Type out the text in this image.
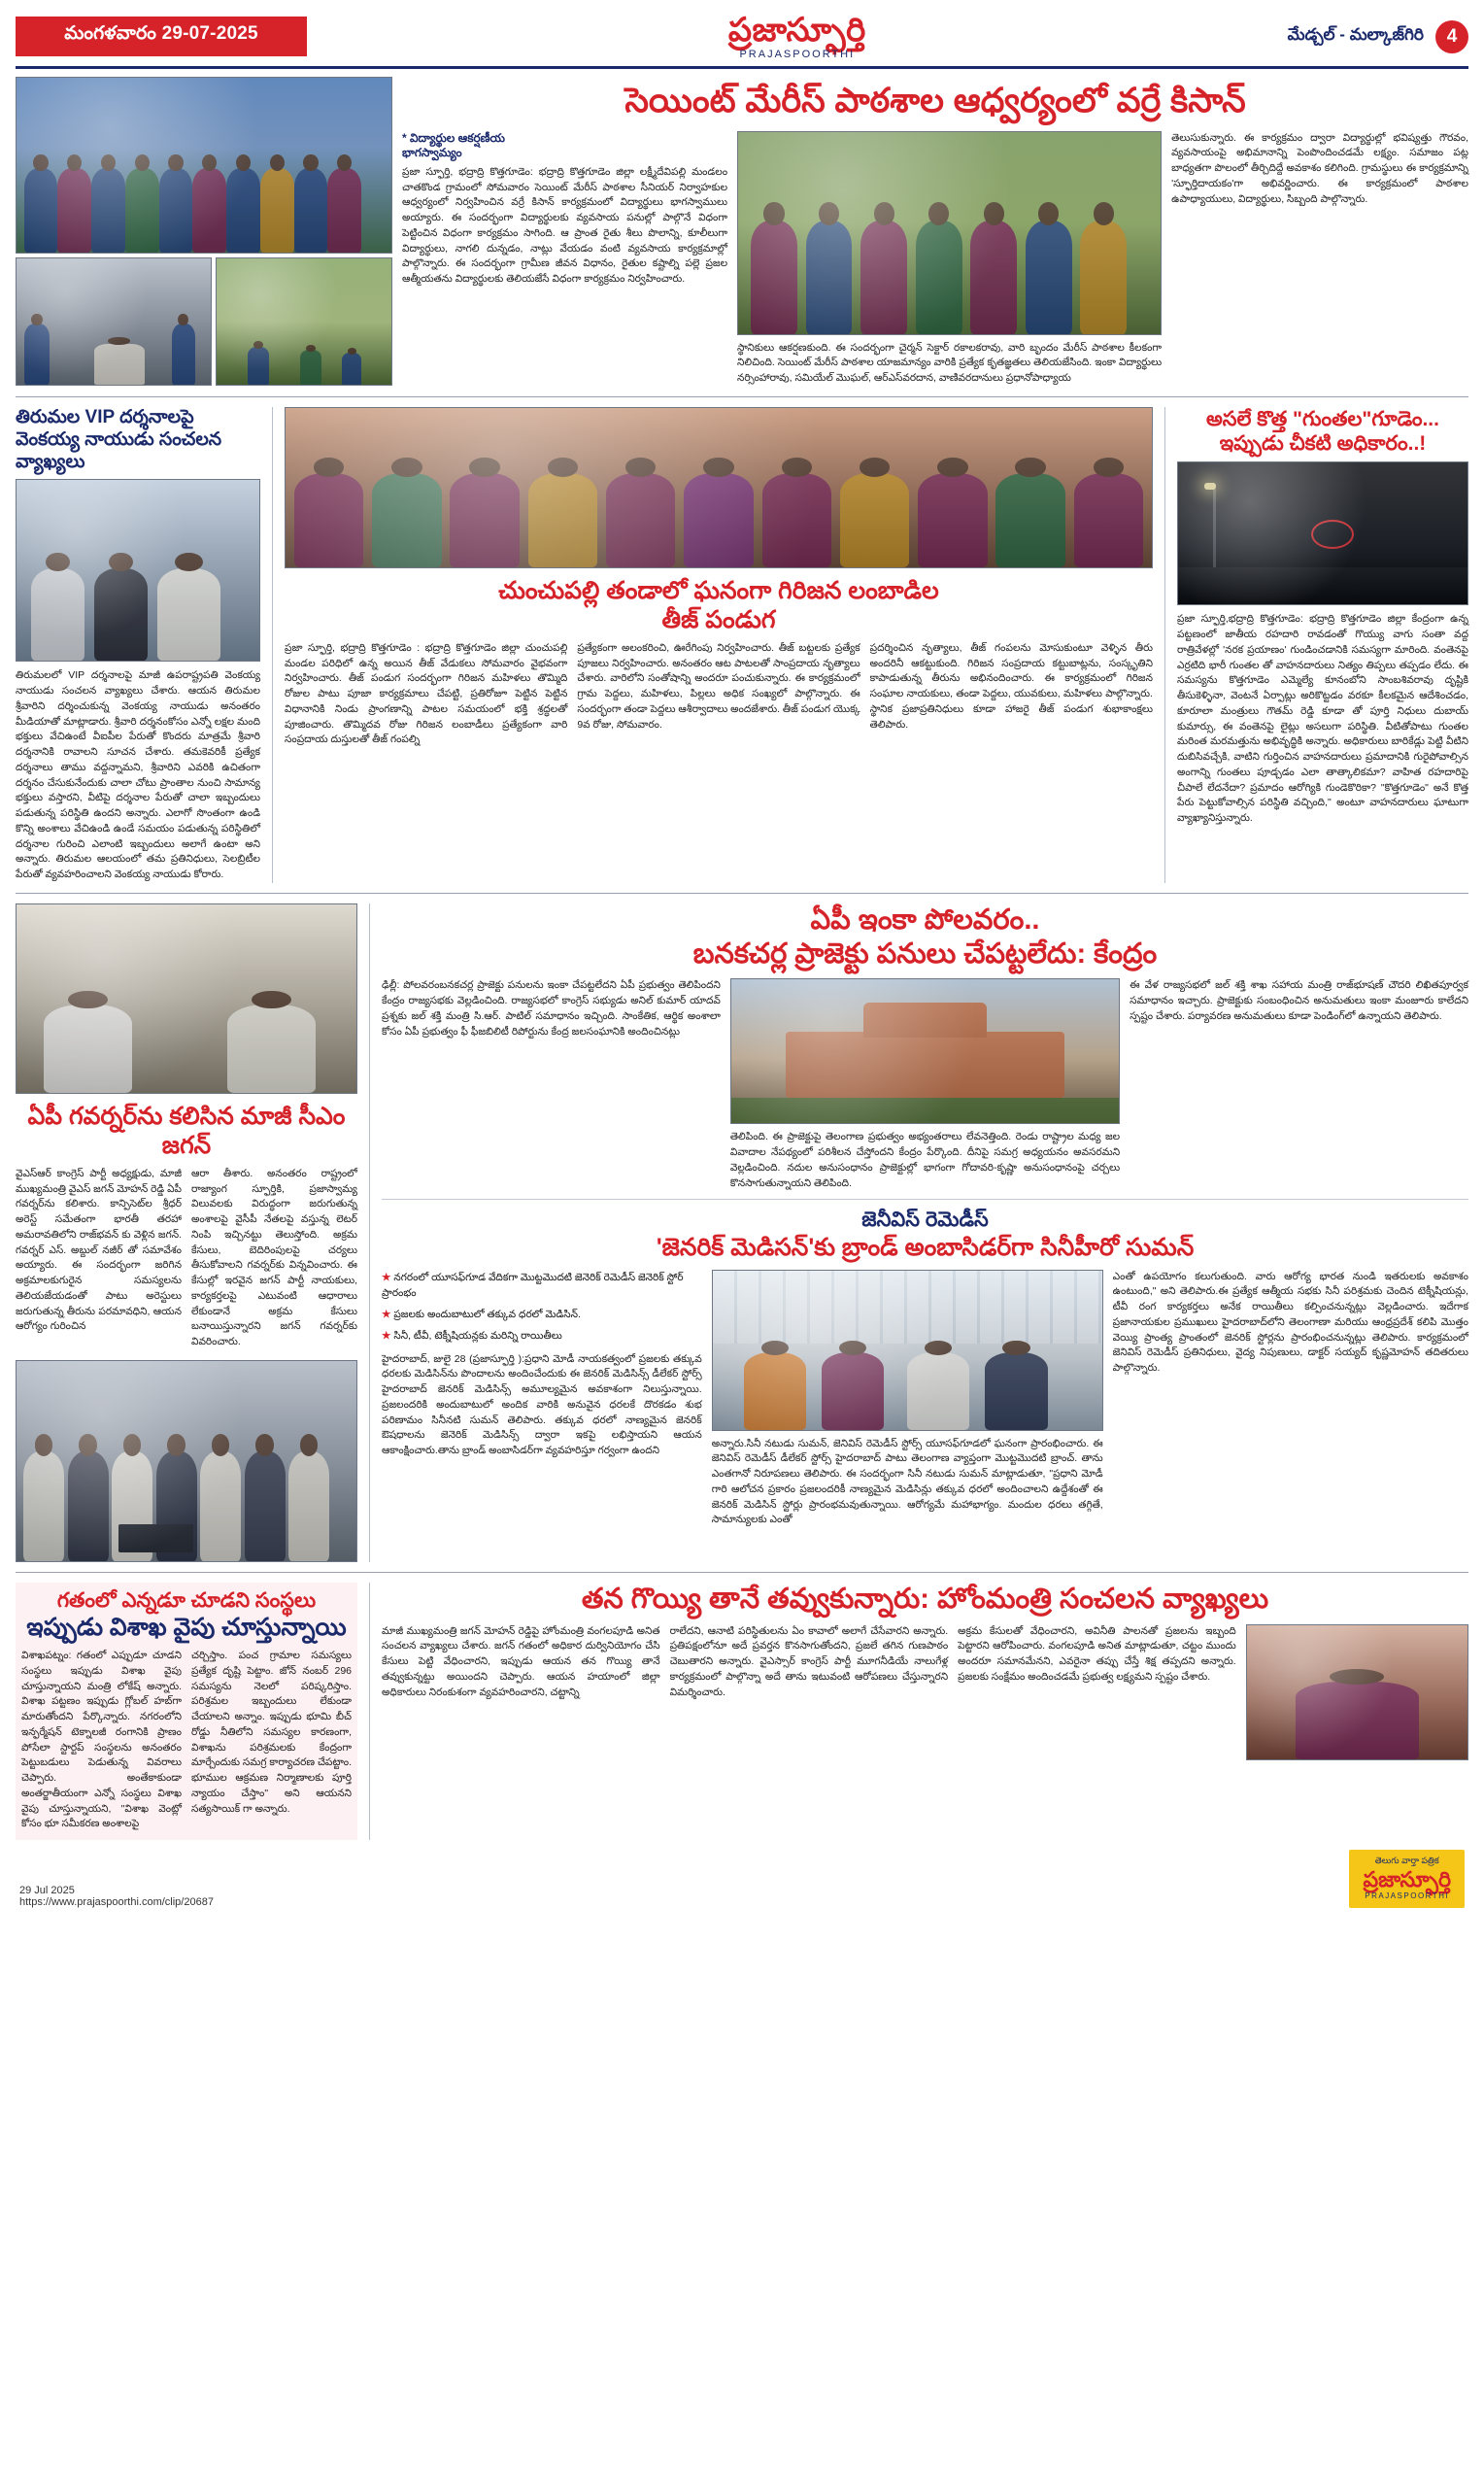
మంగళవారం 29-07-2025	ప్రజాస్ఫూర్తి
PRAJASPOORTHI
మేడ్చల్ - మల్కాజ్‌గిరి	4
సెయింట్ మేరీస్ పాఠశాల ఆధ్వర్యంలో వర్రే కిసాన్
* విద్యార్థుల ఆకర్షణీయ
భాగస్వామ్యం
ప్రజా స్ఫూర్తి, భద్రాద్రి కొత్తగూడెం: భద్రాద్రి కొత్తగూడెం జిల్లా లక్ష్మీదేవిపల్లి మండలం చాతకొండ గ్రామంలో సోమవారం సెయింట్ మేరీస్ పాఠశాల సీనియర్ నిర్వాహకుల ఆధ్వర్యంలో నిర్వహించిన వర్రే కిసాన్ కార్యక్రమంలో విద్యార్థులు భాగస్వాములు అయ్యారు. ఈ సందర్భంగా విద్యార్థులకు వ్యవసాయ పనుల్లో పాల్గొనే విధంగా పెట్టించిన విధంగా కార్యక్రమం సాగింది. ఆ ప్రాంత రైతు శీలు పొలాన్ని, కూలీలుగా విద్యార్థులు, నాగలి దున్నడం, నాట్లు వేయడం వంటి వ్యవసాయ కార్యక్రమాల్లో పాల్గొన్నారు. ఈ సందర్భంగా గ్రామీణ జీవన విధానం, రైతుల కష్టాల్ని పల్లె ప్రజల ఆత్మీయతను విద్యార్థులకు తెలియజేసే విధంగా కార్యక్రమం నిర్వహించారు.
స్థానికులు ఆకర్షణకుంది. ఈ సందర్భంగా చైర్మన్ సెక్టార్ రకాలకరావు, వారి బృందం మేరీస్ పాఠశాల కీలకంగా నిలిచింది. సెయింట్ మేరీస్ పాఠశాల యాజమాన్యం వారికి ప్రత్యేక కృతజ్ఞతలు తెలియజేసింది. ఇంకా విద్యార్థులు నర్సింహారావు, సమియేల్ మొఘల్, ఆర్ఎస్‌వరదాన, వాణివరదానులు ప్రధానోపాధ్యాయ
తెలుసుకున్నారు. ఈ కార్యక్రమం ద్వారా విద్యార్థుల్లో భవిష్యత్తు గౌరవం, వ్యవసాయంపై అభిమానాన్ని పెంపొందించడమే లక్ష్యం. సమాజం పట్ల బాధ్యతగా పొలంలో తీర్చిదిద్దే అవకాశం కలిగింది. గ్రామస్థులు ఈ కార్యక్రమాన్ని 'స్ఫూర్తిదాయకం'గా అభివర్ణించారు. ఈ కార్యక్రమంలో పాఠశాల ఉపాధ్యాయులు, విద్యార్థులు, సిబ్బంది పాల్గొన్నారు.
తిరుమల VIP దర్శనాలపై
వెంకయ్య నాయుడు సంచలన వ్యాఖ్యలు
తిరుమలలో VIP దర్శనాలపై మాజీ ఉపరాష్ట్రపతి వెంకయ్య నాయుడు సంచలన వ్యాఖ్యలు చేశారు. ఆయన తిరుమల శ్రీవారిని దర్శించుకున్న వెంకయ్య నాయుడు అనంతరం మీడియాతో మాట్లాడారు. శ్రీవారి దర్శనంకోసం ఎన్నో లక్షల మంది భక్తులు వేచిఉంటే వీఐపీల పేరుతో కొందరు మాత్రమే శ్రీవారి దర్శనానికి రావాలని సూచన చేశారు. తమకెవరికీ ప్రత్యేక దర్శనాలు తాము వద్దన్నామని, శ్రీవారిని ఎవరికి ఉచితంగా దర్శనం చేసుకునేందుకు చాలా చోటు ప్రాంతాల నుంచి సామాన్య భక్తులు వస్తారని, వీటిపై దర్శనాల పేరుతో చాలా ఇబ్బందులు పడుతున్న పరిస్థితి ఉందని అన్నారు. ఎలాగో సొంతంగా ఉండి కొన్ని అంశాలు వేచిఉండి ఉండే సమయం పడుతున్న పరిస్థితిలో దర్శనాల గురించి ఎలాంటి ఇబ్బందులు అలాగే ఉంటా అని అన్నారు. తిరుమల ఆలయంలో తమ ప్రతినిధులు, సెలబ్రిటీల పేరుతో వ్యవహరించాలని వెంకయ్య నాయుడు కోరారు.
చుంచుపల్లి తండాలో ఘనంగా గిరిజన లంబాడిల
తీజ్ పండుగ
ప్రజా స్ఫూర్తి, భద్రాద్రి కొత్తగూడెం : భద్రాద్రి కొత్తగూడెం జిల్లా చుంచుపల్లి మండల పరిధిలో ఉన్న అయిన తీజ్ వేడుకలు సోమవారం వైభవంగా నిర్వహించారు. తీజ్ పండుగ సందర్భంగా గిరిజన మహిళలు తొమ్మిది రోజుల పాటు పూజా కార్యక్రమాలు చేపట్టి, ప్రతిరోజూ పెట్టిన పెట్టిన విధానానికి నిండు ప్రాంగణాన్ని పాటల సమయంలో భక్తి శ్రద్ధలతో పూజించారు. తొమ్మిదవ రోజు గిరిజన లంబాడీలు ప్రత్యేకంగా వారి సంప్రదాయ దుస్తులతో తీజ్ గంపల్ని
ప్రత్యేకంగా అలంకరించి, ఊరేగింపు నిర్వహించారు. తీజ్ బట్టలకు ప్రత్యేక పూజలు నిర్వహించారు. అనంతరం ఆట పాటలతో సాంప్రదాయ నృత్యాలు చేశారు. వారిలోని సంతోషాన్ని అందరూ పంచుకున్నారు. ఈ కార్యక్రమంలో గ్రామ పెద్దలు, మహిళలు, పిల్లలు అధిక సంఖ్యలో పాల్గొన్నారు. ఈ సందర్భంగా తండా పెద్దలు ఆశీర్వాదాలు అందజేశారు. తీజ్ పండుగ యొక్క 9వ రోజు, సోమవారం.
ప్రదర్శించిన నృత్యాలు, తీజ్ గంపలను మోసుకుంటూ వెళ్ళిన తీరు అందరినీ ఆకట్టుకుంది. గిరిజన సంప్రదాయ కట్టుబాట్లను, సంస్కృతిని కాపాడుతున్న తీరును అభినందించారు. ఈ కార్యక్రమంలో గిరిజన సంఘాల నాయకులు, తండా పెద్దలు, యువకులు, మహిళలు పాల్గొన్నారు. స్థానిక ప్రజాప్రతినిధులు కూడా హాజరై తీజ్ పండుగ శుభాకాంక్షలు తెలిపారు.
అసలే కొత్త "గుంతల"గూడెం...
ఇప్పుడు చీకటి అధికారం..!
ప్రజా స్ఫూర్తి,భద్రాద్రి కొత్తగూడెం: భద్రాద్రి కొత్తగూడెం జిల్లా కేంద్రంగా ఉన్న పట్టణంలో జాతీయ రహదారి రావడంతో గొయ్యు వాగు సంతా వద్ద రాత్రివేళల్లో 'నరక ప్రయాణం' గుండించడానికి సమస్యగా మారింది. వంతెనపై ఎర్రటిది భారీ గుంతల తో వాహనదారులు నిత్యం తిప్పలు తప్పడం లేదు. ఈ సమస్యను కొత్తగూడెం ఎమ్మెల్యే కూనంబోని సాంబశివరావు దృష్టికి తీసుకెళ్ళినా, వెంటనే ఏర్పాట్లు అరికొట్టడం వరకూ కీలకమైన ఆదేశించడం, కూరూలా మంత్రులు గౌతమ్ రెడ్డి కూడా తో పూర్తి నిధులు దుబాయ్ కుమార్సు, ఈ వంతెనపై లైట్లు అసలుగా పరిస్థితి. వీటితోపాటు గుంతల మరింత మరమత్తును అభివృద్ధికి అన్నారు. అధికారులు బారికేడ్లు పెట్టి వీటిని దుబిసివచ్చేకి, వాటిని గుర్తించిన వాహనదారులు ప్రమాదానికి గురైపోవాల్సిన అంగాన్ని గుంతలు పూడ్చడం ఎలా తాత్కాలికమా? వాహిత రహదారిపై చీపాలే లేదనేదా? ప్రమాదం ఆరోగ్యికి గుండెకొరికా? "కొత్తగూడెం" అనే కొత్త పేరు పెట్టుకోవాల్సిన పరిస్థితి వచ్చింది," అంటూ వాహనదారులు ఘాటుగా వ్యాఖ్యానిస్తున్నారు.
ఏపీ గవర్నర్‌ను కలిసిన మాజీ సీఎం జగన్
వైఎస్ఆర్ కాంగ్రెస్ పార్టీ అధ్యక్షుడు, మాజీ ముఖ్యమంత్రి వైఎస్ జగన్ మోహన్ రెడ్డి ఏపీ గవర్నర్‌ను కలిశారు. కాన్పిసెట్‌ల శ్రీధర్ అరెస్ట్ సమేతంగా భారతీ తరహా అమరావతిలోని రాజ్‌భవన్ కు వెళ్లిన జగన్. గవర్నర్ ఎస్. అబ్దుల్ నజీర్ తో సమావేశం అయ్యారు. ఈ సందర్భంగా జరిగిన అక్రమాలకుగురైన సమస్యలను తెలియజేయడంతో పాటు అరెస్టులు జరుగుతున్న తీరును పరమావధిని, ఆయన ఆరోగ్యం గురించిన
ఆరా తీశారు. అనంతరం రాష్ట్రంలో రాజ్యాంగ స్ఫూర్తికి, ప్రజాస్వామ్య విలువలకు విరుద్ధంగా జరుగుతున్న అంశాలపై వైసీపీ నేతలపై వస్తున్న లెటర్ నింపి ఇచ్చినట్టు తెలుస్తోంది. అక్రమ కేసులు, బెదిరింపులపై చర్యలు తీసుకోవాలని గవర్నర్‌కు విన్నవించారు. ఈ కేసుల్లో ఇరవైన జగన్ పార్టీ నాయకులు, కార్యకర్తలపై ఎటువంటి ఆధారాలు లేకుండానే అక్రమ కేసులు బనాయిస్తున్నారని జగన్ గవర్నర్‌కు వివరించారు.
ఏపీ ఇంకా పోలవరం..
బనకచర్ల ప్రాజెక్టు పనులు చేపట్టలేదు: కేంద్రం
ఢిల్లీ: పోలవరంబనకచర్ల ప్రాజెక్టు పనులను ఇంకా చేపట్టలేదని ఏపీ ప్రభుత్వం తెలిపిందని కేంద్రం రాజ్యసభకు వెల్లడించింది. రాజ్యసభలో కాంగ్రెస్ సభ్యుడు అనిల్ కుమార్ యాదవ్ ప్రశ్నకు జల్ శక్తి మంత్రి సి.ఆర్. పాటిల్ సమాధానం ఇచ్చింది. సాంకేతిక, ఆర్థిక అంశాలా కోసం ఏపీ ప్రభుత్వం ఫీ ఫీజబిలిటీ రిపోర్టును కేంద్ర జలసంఘానికి అందించినట్లు
తెలిపింది. ఈ ప్రాజెక్టుపై తెలంగాణ ప్రభుత్వం అభ్యంతరాలు లేవనెత్తింది. రెండు రాష్ట్రాల మధ్య జల వివాదాల నేపథ్యంలో పరిశీలన చేస్తోందని కేంద్రం పేర్కొంది. దీనిపై సమగ్ర అధ్యయనం అవసరమని వెల్లడించింది. నదుల అనుసంధానం ప్రాజెక్టుల్లో భాగంగా గోదావరి-కృష్ణా అనుసంధానంపై చర్చలు కొనసాగుతున్నాయని తెలిపింది.
ఈ వేళ రాజ్యసభలో జల్ శక్తి శాఖ సహాయ మంత్రి రాజ్‌భూషణ్ చౌదరి లిఖితపూర్వక సమాధానం ఇచ్చారు. ప్రాజెక్టుకు సంబంధించిన అనుమతులు ఇంకా మంజూరు కాలేదని స్పష్టం చేశారు. పర్యావరణ అనుమతులు కూడా పెండింగ్‌లో ఉన్నాయని తెలిపారు.
జెనీవిస్ రెమెడీస్
'జెనరిక్ మెడిసన్'కు బ్రాండ్ అంబాసిడర్‌గా సినీహీరో సుమన్
★ నగరంలో యూసఫ్‌గూడ వేదికగా మొట్టమొదటి జెనెరిక్ రెమెడీస్ జెనెరిక్ స్టోర్ ప్రారంభం
★ ప్రజలకు అందుబాటులో తక్కువ ధరలో మెడిసిన్.
★ సినీ, టీవీ, టెక్నీషియన్లకు మరిన్ని రాయితీలు
హైదరాబాద్, జులై 28 (ప్రజాస్ఫూర్తి ):ప్రధాని మోడీ నాయకత్వంలో ప్రజలకు తక్కువ ధరలకు మెడిసిన్‌ను పొందాలను అందించేందుకు ఈ జెనరిక్ మెడిసిన్స్ డీలేకర్ స్టోర్స్ హైదరాబాద్ జెనరిక్ మెడిసిన్స్ అమూల్యమైన అవకాశంగా నిలుస్తున్నాయి. ప్రజలందరికి అందుబాటులో అందిక వారికి అనువైన ధరలకే దొరకడం శుభ పరిణామం సినీనటి సుమన్ తెలిపారు. తక్కువ ధరలో నాణ్యమైన జెనరిక్ ఔషధాలను జెనెరిక్ మెడిసిన్స్ ద్వారా ఇకపై లభిస్తాయని ఆయన ఆకాంక్షించారు.తాను బ్రాండ్ అంబాసిడర్‌గా వ్యవహరిస్తూ గర్వంగా ఉందని
అన్నారు.సినీ నటుడు సుమన్, జెనివిస్ రెమెడీస్ స్టోర్స్ యూసఫ్‌గూడలో ఘనంగా ప్రారంభించారు. ఈ జెనివిస్ రెమెడీస్ డీలేకర్ స్టోర్స్ హైదరాబాద్ పాటు తెలంగాణ వ్యాప్తంగా మొట్టమొదటి బ్రాంచ్. తాను ఎంతగానో నిరూపణలు తెలిపారు. ఈ సందర్భంగా సినీ నటుడు సుమన్ మాట్లాడుతూ, "ప్రధాని మోడీ గారి ఆలోచన ప్రకారం ప్రజలందరికీ నాణ్యమైన మెడిసిన్లు తక్కువ ధరలో అందించాలని ఉద్దేశంతో ఈ జెనరిక్ మెడిసిన్ స్టోర్లు ప్రారంభమవుతున్నాయి. ఆరోగ్యమే మహాభాగ్యం. మందుల ధరలు తగ్గితే, సామాన్యులకు ఎంతో
ఎంతో ఉపయోగం కలుగుతుంది. వారు ఆరోగ్య భారత నుండి ఇతరులకు అవకాశం ఉంటుంది," అని తెలిపారు.ఈ ప్రత్యేక ఆత్మీయ సభకు సినీ పరిశ్రమకు చెందిన టెక్నీషియన్లు, టీవీ రంగ కార్యకర్తలు అనేక రాయితీలు కల్పించనున్నట్లు వెల్లడించారు. ఇదేగాక ప్రజానాయకుల ప్రముఖులు హైదరాబాద్‌లోని తెలంగాణా మరియు ఆంధ్రప్రదేశ్ కలిపి మొత్తం వెయ్యి ప్రాంత్య ప్రాంతంలో జెనరిక్ స్టోర్లను ప్రారంభించనున్నట్లు తెలిపారు. కార్యక్రమంలో జెనివిస్ రెమెడీస్ ప్రతినిధులు, వైద్య నిపుణులు, డాక్టర్ సయ్యద్ కృష్ణమోహన్ తదితరులు పాల్గొన్నారు.
గతంలో ఎన్నడూ చూడని సంస్థలు
ఇప్పుడు విశాఖ వైపు చూస్తున్నాయి
విశాఖపట్నం: గతంలో ఎప్పుడూ చూడని సంస్థలు ఇప్పుడు విశాఖ వైపు చూస్తున్నాయని మంత్రి లోకేష్ అన్నారు. విశాఖ పట్టణం ఇప్పుడు గ్లోబల్ హబ్‌గా మారుతోందని పేర్కొన్నారు. నగరంలోని ఇన్ఫర్మేషన్ టెక్నాలజీ రంగానికి ప్రాణం పోసేలా స్టార్టప్ సంస్థలను అనంతరం పెట్టుబడులు పెడుతున్న వివరాలు చెప్పారు. అంతేకాకుండా అంతర్జాతీయంగా ఎన్నో సంస్థలు విశాఖ వైపు చూస్తున్నాయని, "విశాఖ వెంట్లో కోసం భూ సమీకరణ అంశాలపై
చర్చిస్తాం. పంచ గ్రామాల సమస్యలు ప్రత్యేక దృష్టి పెట్టాం. జోన్ నంబర్ 296 సమస్యను నెలలో పరిష్కరిస్తాం. పరిశ్రమల ఇబ్బందులు లేకుండా చేయాలని అన్నాం. ఇప్పుడు భూమి బీచ్ రోడ్డు నీతిలోని సమస్యల కారణంగా, విశాఖను పరిశ్రమలకు కేంద్రంగా మార్చేందుకు సమగ్ర కార్యాచరణ చేపట్టాం. భూముల ఆక్రమణ నిర్మాణాలకు పూర్తి న్యాయం చేస్తాం" అని ఆయనని సత్యసాయిక్ గా అన్నారు.
తన గొయ్యి తానే తవ్వుకున్నారు: హోంమంత్రి సంచలన వ్యాఖ్యలు
మాజీ ముఖ్యమంత్రి జగన్ మోహన్ రెడ్డిపై హోంమంత్రి వంగలపూడి అనిత సంచలన వ్యాఖ్యలు చేశారు. జగన్ గతంలో అధికార దుర్వినియోగం చేసి కేసులు పెట్టి వేధించారని, ఇప్పుడు ఆయన తన గొయ్యి తానే తవ్వుకున్నట్టు అయిందని చెప్పారు. ఆయన హయాంలో జిల్లా అధికారులు నిరంకుశంగా వ్యవహరించారని, చట్టాన్ని
రాలేదని, ఆనాటి పరిస్థితులను ఏం కావాలో అలాగే చేసేవారని అన్నారు. ప్రతిపక్షంలోనూ అదే ప్రవర్తన కొనసాగుతోందని, ప్రజలే తగిన గుణపాఠం చెబుతారని అన్నారు. వైఎస్సార్ కాంగ్రెస్ పార్టీ మూగనీడియే నాలుగేళ్ల కార్యక్రమంలో పాల్గొన్నా అదే తాను ఇటువంటి ఆరోపణలు చేస్తున్నారని విమర్శించారు.
అక్రమ కేసులతో వేధించారని, అవినీతి పాలనతో ప్రజలను ఇబ్బంది పెట్టారని ఆరోపించారు. వంగలపూడి అనిత మాట్లాడుతూ, చట్టం ముందు అందరూ సమానమేనని, ఎవరైనా తప్పు చేస్తే శిక్ష తప్పదని అన్నారు. ప్రజలకు సంక్షేమం అందించడమే ప్రభుత్వ లక్ష్యమని స్పష్టం చేశారు.
29 Jul 2025
https://www.prajaspoorthi.com/clip/20687
తెలుగు వార్తా పత్రిక
ప్రజాస్ఫూర్తి
PRAJASPOORTHI
